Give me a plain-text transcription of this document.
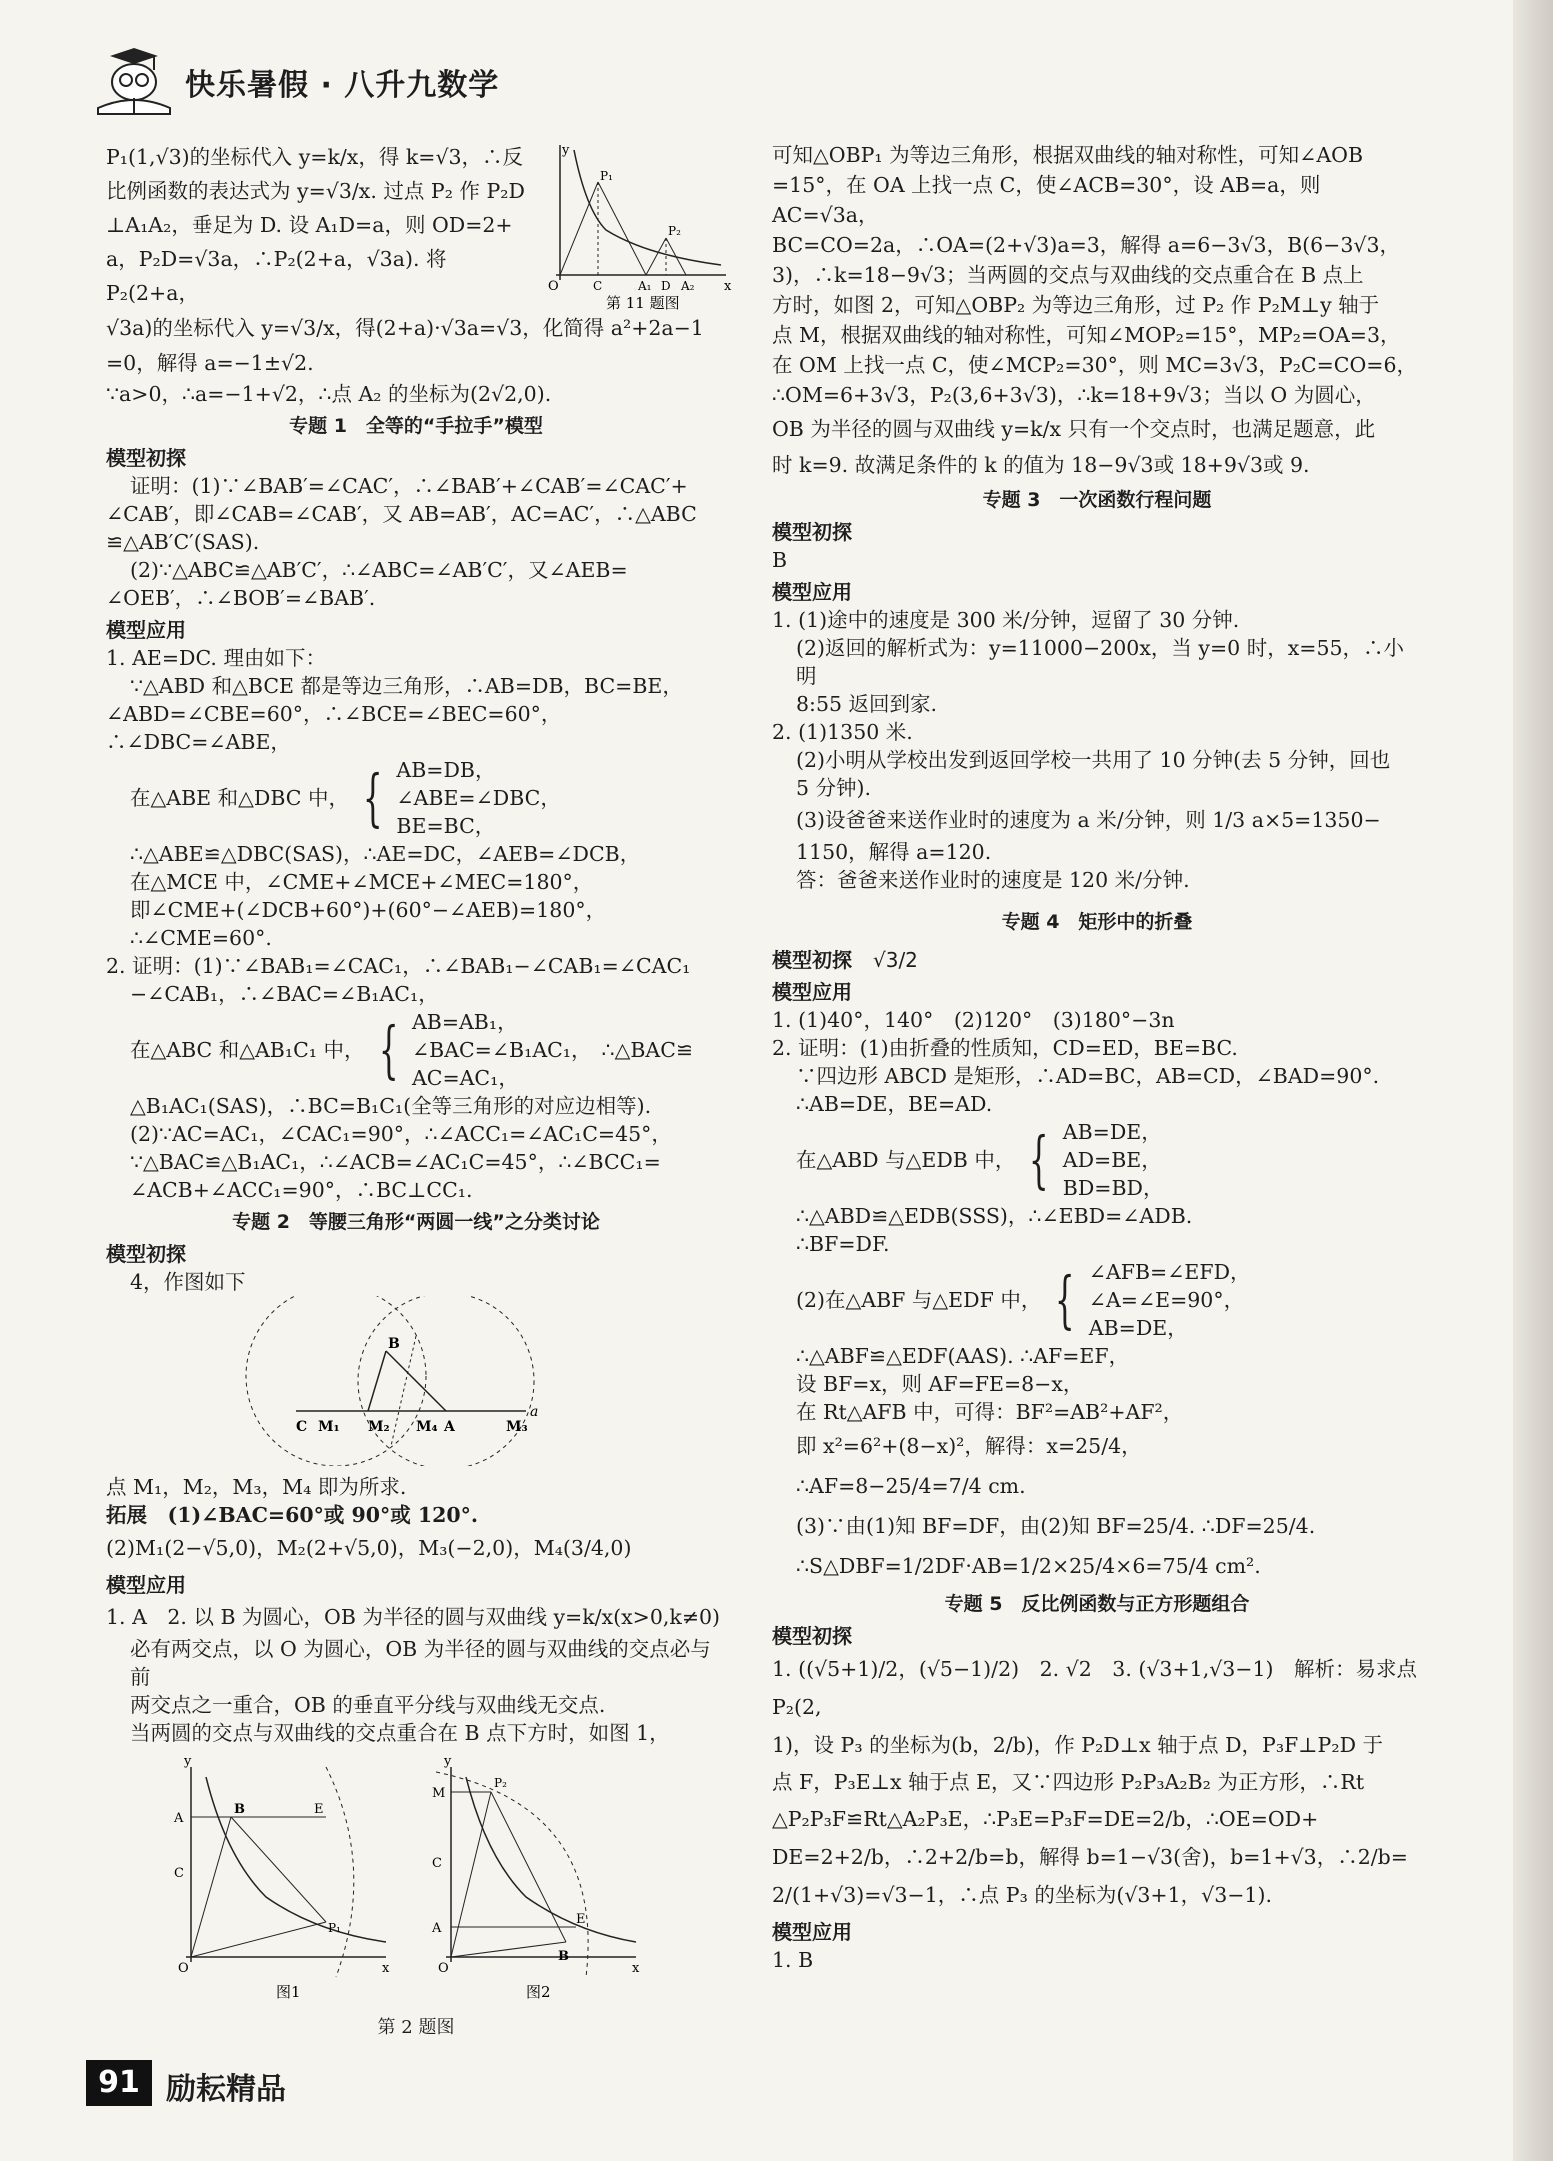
快乐暑假 · 八升九数学

P₁(1,√3)的坐标代入 y=k/x，得 k=√3，∴反

比例函数的表达式为 y=√3/x. 过点 P₂ 作 P₂D

⊥A₁A₂，垂足为 D. 设 A₁D=a，则 OD=2+

a，P₂D=√3a，∴P₂(2+a，√3a). 将 P₂(2+a，

y
P₁
P₂
O	C	A₁ D A₂ x
第 11 题图

√3a)的坐标代入 y=√3/x，得(2+a)·√3a=√3，化简得 a²+2a−1

=0，解得 a=−1±√2.

∵a>0，∴a=−1+√2，∴点 A₂ 的坐标为(2√2,0).

专题 1　全等的“手拉手”模型
模型初探

证明：(1)∵∠BAB′=∠CAC′，∴∠BAB′+∠CAB′=∠CAC′+

∠CAB′，即∠CAB=∠CAB′，又 AB=AB′，AC=AC′，∴△ABC

≌△AB′C′(SAS).

(2)∵△ABC≌△AB′C′，∴∠ABC=∠AB′C′，又∠AEB=

∠OEB′，∴∠BOB′=∠BAB′.

模型应用

1. AE=DC. 理由如下：

∵△ABD 和△BCE 都是等边三角形，∴AB=DB，BC=BE，

∠ABD=∠CBE=60°，∴∠BCE=∠BEC=60°，∴∠DBC=∠ABE，

在△ABE 和△DBC 中， { AB=DB，
∠ABE=∠DBC，
BE=BC，

∴△ABE≌△DBC(SAS)，∴AE=DC，∠AEB=∠DCB，

在△MCE 中，∠CME+∠MCE+∠MEC=180°，

即∠CME+(∠DCB+60°)+(60°−∠AEB)=180°，

∴∠CME=60°.

2. 证明：(1)∵∠BAB₁=∠CAC₁，∴∠BAB₁−∠CAB₁=∠CAC₁

−∠CAB₁，∴∠BAC=∠B₁AC₁，

在△ABC 和△AB₁C₁ 中， { AB=AB₁，
∠BAC=∠B₁AC₁，
AC=AC₁，
∴△BAC≌

△B₁AC₁(SAS)，∴BC=B₁C₁(全等三角形的对应边相等).

(2)∵AC=AC₁，∠CAC₁=90°，∴∠ACC₁=∠AC₁C=45°，

∵△BAC≌△B₁AC₁，∴∠ACB=∠AC₁C=45°，∴∠BCC₁=

∠ACB+∠ACC₁=90°，∴BC⊥CC₁.

专题 2　等腰三角形“两圆一线”之分类讨论
模型初探

4，作图如下

B
C M₁ M₂ M₄ A	M₃
a

点 M₁，M₂，M₃，M₄ 即为所求.

拓展　(1)∠BAC=60°或 90°或 120°.

(2)M₁(2−√5,0)，M₂(2+√5,0)，M₃(−2,0)，M₄(3/4,0)

模型应用

1. A　2. 以 B 为圆心，OB 为半径的圆与双曲线 y=k/x(x>0,k≠0)

必有两交点，以 O 为圆心，OB 为半径的圆与双曲线的交点必与前

两交点之一重合，OB 的垂直平分线与双曲线无交点.

当两圆的交点与双曲线的交点重合在 B 点下方时，如图 1，

y
A
B	E
C
O
P₁
x
图1
y
M
P₂
C
A
E
O
B
x
图2
第 2 题图

可知△OBP₁ 为等边三角形，根据双曲线的轴对称性，可知∠AOB

=15°，在 OA 上找一点 C，使∠ACB=30°，设 AB=a，则 AC=√3a，

BC=CO=2a，∴OA=(2+√3)a=3，解得 a=6−3√3，B(6−3√3，

3)，∴k=18−9√3；当两圆的交点与双曲线的交点重合在 B 点上

方时，如图 2，可知△OBP₂ 为等边三角形，过 P₂ 作 P₂M⊥y 轴于

点 M，根据双曲线的轴对称性，可知∠MOP₂=15°，MP₂=OA=3，

在 OM 上找一点 C，使∠MCP₂=30°，则 MC=3√3，P₂C=CO=6，

∴OM=6+3√3，P₂(3,6+3√3)，∴k=18+9√3；当以 O 为圆心，

OB 为半径的圆与双曲线 y=k/x 只有一个交点时，也满足题意，此

时 k=9. 故满足条件的 k 的值为 18−9√3或 18+9√3或 9.

专题 3　一次函数行程问题
模型初探

B

模型应用

1. (1)途中的速度是 300 米/分钟，逗留了 30 分钟.

(2)返回的解析式为：y=11000−200x，当 y=0 时，x=55，∴小明

8:55 返回到家.

2. (1)1350 米.

(2)小明从学校出发到返回学校一共用了 10 分钟(去 5 分钟，回也

5 分钟).

(3)设爸爸来送作业时的速度为 a 米/分钟，则 1/3 a×5=1350−

1150，解得 a=120.

答：爸爸来送作业时的速度是 120 米/分钟.

专题 4　矩形中的折叠
模型初探 √3/2
模型应用

1. (1)40°，140°　(2)120°　(3)180°−3n

2. 证明：(1)由折叠的性质知，CD=ED，BE=BC.

∵四边形 ABCD 是矩形，∴AD=BC，AB=CD，∠BAD=90°.

∴AB=DE，BE=AD.

在△ABD 与△EDB 中， { AB=DE，
AD=BE，
BD=BD，

∴△ABD≌△EDB(SSS)，∴∠EBD=∠ADB.

∴BF=DF.

(2)在△ABF 与△EDF 中， { ∠AFB=∠EFD，
∠A=∠E=90°，
AB=DE，

∴△ABF≌△EDF(AAS). ∴AF=EF，

设 BF=x，则 AF=FE=8−x，

在 Rt△AFB 中，可得：BF²=AB²+AF²，

即 x²=6²+(8−x)²，解得：x=25/4，

∴AF=8−25/4=7/4 cm.

(3)∵由(1)知 BF=DF，由(2)知 BF=25/4. ∴DF=25/4.

∴S△DBF=1/2DF·AB=1/2×25/4×6=75/4 cm².

专题 5　反比例函数与正方形题组合
模型初探

1. ((√5+1)/2，(√5−1)/2)　2. √2　3. (√3+1,√3−1)　解析：易求点 P₂(2,

1)，设 P₃ 的坐标为(b，2/b)，作 P₂D⊥x 轴于点 D，P₃F⊥P₂D 于

点 F，P₃E⊥x 轴于点 E，又∵四边形 P₂P₃A₂B₂ 为正方形，∴Rt

△P₂P₃F≌Rt△A₂P₃E，∴P₃E=P₃F=DE=2/b，∴OE=OD+

DE=2+2/b，∴2+2/b=b，解得 b=1−√3(舍)，b=1+√3，∴2/b=

2/(1+√3)=√3−1，∴点 P₃ 的坐标为(√3+1，√3−1).

模型应用

1. B

91 励耘精品
